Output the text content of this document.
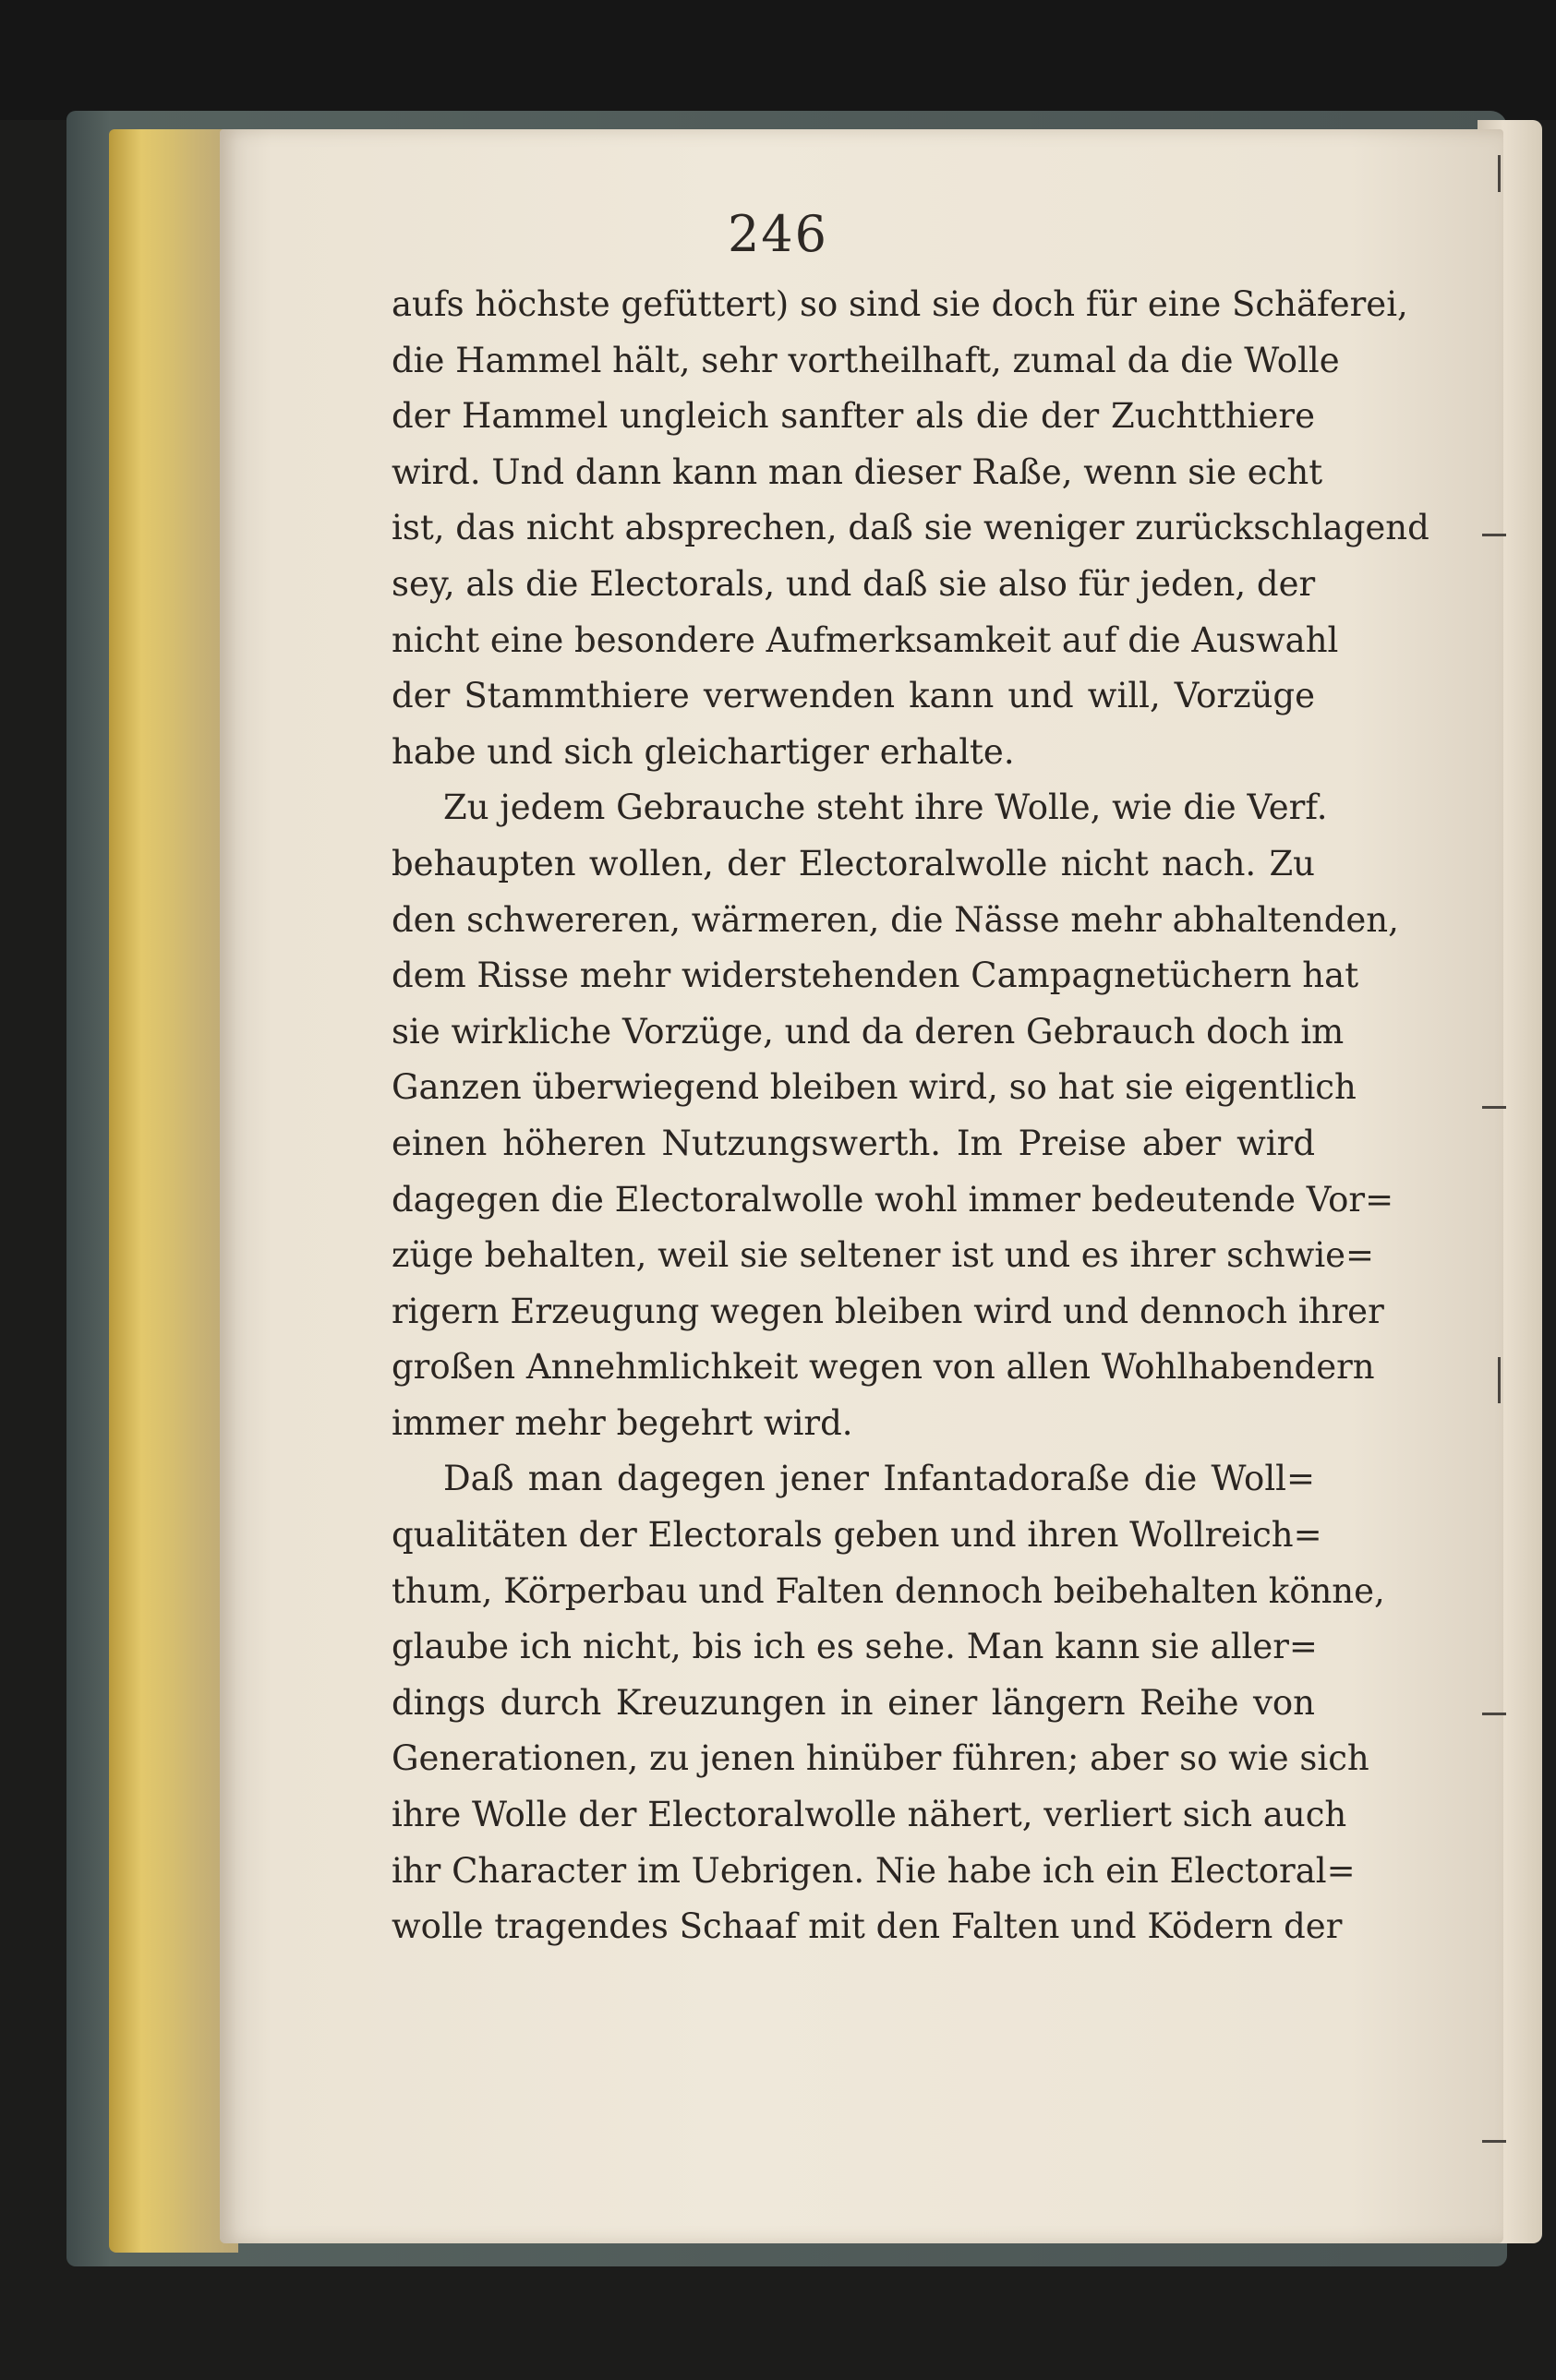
246
aufs höchste gefüttert) so sind sie doch für eine Schäferei,
die Hammel hält, sehr vortheilhaft, zumal da die Wolle
der Hammel ungleich sanfter als die der Zuchtthiere
wird. Und dann kann man dieser Raße, wenn sie echt
ist, das nicht absprechen, daß sie weniger zurückschlagend
sey, als die Electorals, und daß sie also für jeden, der
nicht eine besondere Aufmerksamkeit auf die Auswahl
der Stammthiere verwenden kann und will, Vorzüge
habe und sich gleichartiger erhalte.
Zu jedem Gebrauche steht ihre Wolle, wie die Verf.
behaupten wollen, der Electoralwolle nicht nach. Zu
den schwereren, wärmeren, die Nässe mehr abhaltenden,
dem Risse mehr widerstehenden Campagnetüchern hat
sie wirkliche Vorzüge, und da deren Gebrauch doch im
Ganzen überwiegend bleiben wird, so hat sie eigentlich
einen höheren Nutzungswerth. Im Preise aber wird
dagegen die Electoralwolle wohl immer bedeutende Vor=
züge behalten, weil sie seltener ist und es ihrer schwie=
rigern Erzeugung wegen bleiben wird und dennoch ihrer
großen Annehmlichkeit wegen von allen Wohlhabendern
immer mehr begehrt wird.
Daß man dagegen jener Infantadoraße die Woll=
qualitäten der Electorals geben und ihren Wollreich=
thum, Körperbau und Falten dennoch beibehalten könne,
glaube ich nicht, bis ich es sehe. Man kann sie aller=
dings durch Kreuzungen in einer längern Reihe von
Generationen, zu jenen hinüber führen; aber so wie sich
ihre Wolle der Electoralwolle nähert, verliert sich auch
ihr Character im Uebrigen. Nie habe ich ein Electoral=
wolle tragendes Schaaf mit den Falten und Ködern der
